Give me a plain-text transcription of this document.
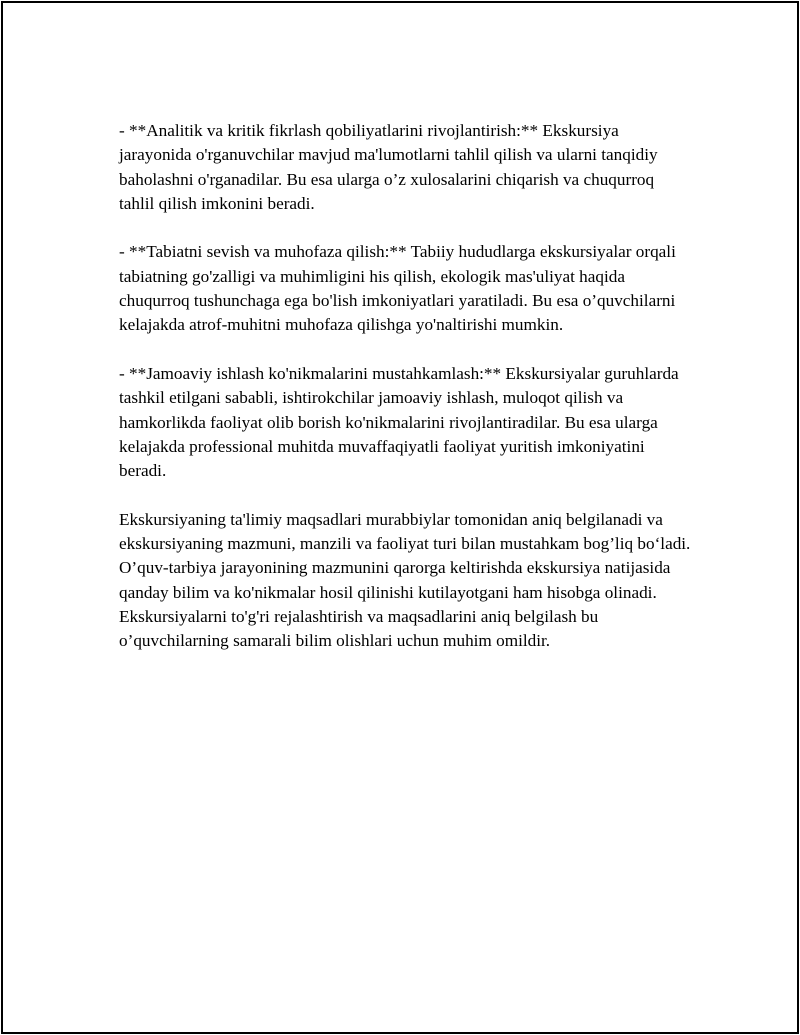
- **Analitik va kritik fikrlash qobiliyatlarini rivojlantirish:** Ekskursiya jarayonida o'rganuvchilar mavjud ma'lumotlarni tahlil qilish va ularni tanqidiy baholashni o'rganadilar. Bu esa ularga o’z xulosalarini chiqarish va chuqurroq tahlil qilish imkonini beradi.

- **Tabiatni sevish va muhofaza qilish:** Tabiiy hududlarga ekskursiyalar orqali tabiatning go'zalligi va muhimligini his qilish, ekologik mas'uliyat haqida chuqurroq tushunchaga ega bo'lish imkoniyatlari yaratiladi. Bu esa o’quvchilarni kelajakda atrof-muhitni muhofaza qilishga yo'naltirishi mumkin.

- **Jamoaviy ishlash ko'nikmalarini mustahkamlash:** Ekskursiyalar guruhlarda tashkil etilgani sababli, ishtirokchilar jamoaviy ishlash, muloqot qilish va hamkorlikda faoliyat olib borish ko'nikmalarini rivojlantiradilar. Bu esa ularga kelajakda professional muhitda muvaffaqiyatli faoliyat yuritish imkoniyatini beradi.

Ekskursiyaning ta'limiy maqsadlari murabbiylar tomonidan aniq belgilanadi va ekskursiyaning mazmuni, manzili va faoliyat turi bilan mustahkam bog’liq bo‘ladi. O’quv-tarbiya jarayonining mazmunini qarorga keltirishda ekskursiya natijasida qanday bilim va ko'nikmalar hosil qilinishi kutilayotgani ham hisobga olinadi. Ekskursiyalarni to'g'ri rejalashtirish va maqsadlarini aniq belgilash bu o’quvchilarning samarali bilim olishlari uchun muhim omildir.
